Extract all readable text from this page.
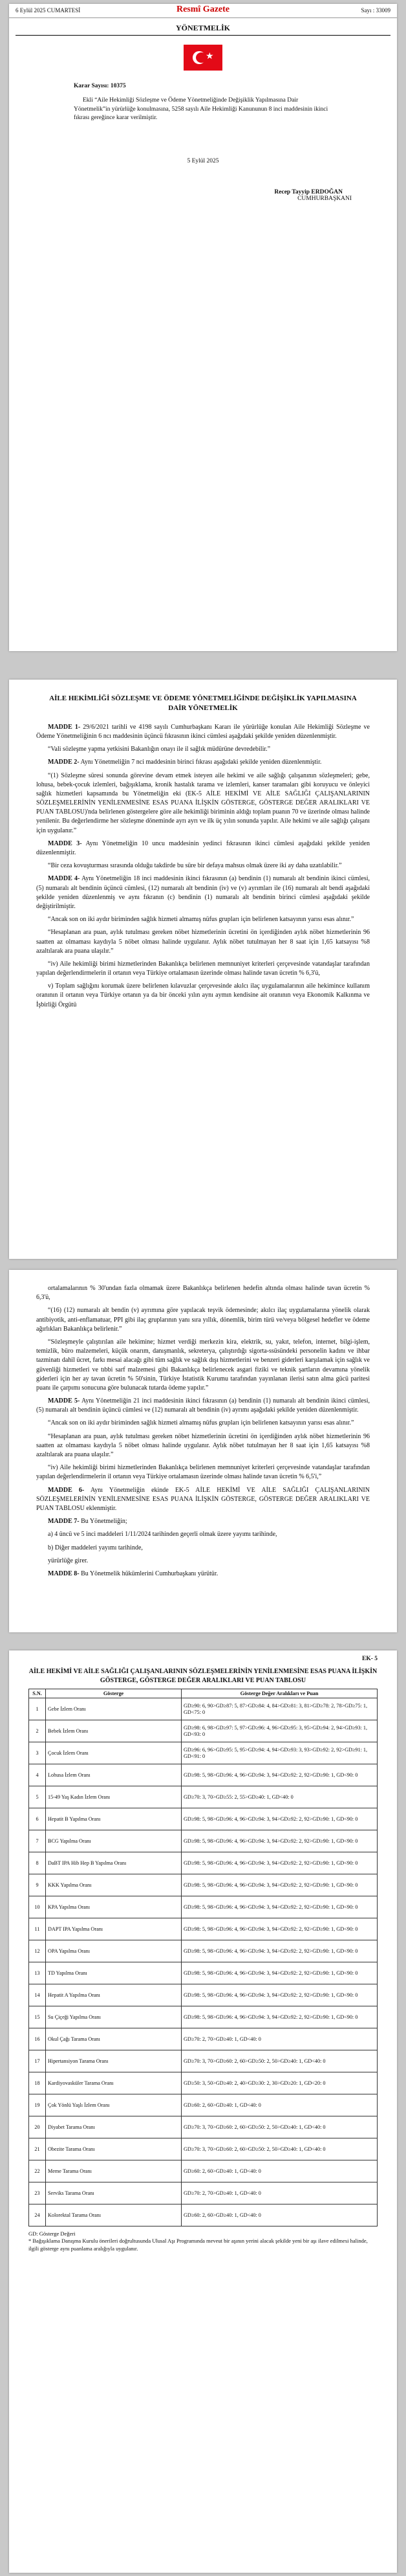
6 Eylül 2025 CUMARTESİ	Resmî Gazete	Sayı : 33009
YÖNETMELİK
★
Karar Sayısı: 10375
Ekli “Aile Hekimliği Sözleşme ve Ödeme Yönetmeliğinde Değişiklik Yapılmasına Dair Yönetmelik”in yürürlüğe konulmasına, 5258 sayılı Aile Hekimliği Kanununun 8 inci maddesinin ikinci fıkrası gereğince karar verilmiştir.
5 Eylül 2025
Recep Tayyip ERDOĞAN
CUMHURBAŞKANI
AİLE HEKİMLİĞİ SÖZLEŞME VE ÖDEME YÖNETMELİĞİNDE DEĞİŞİKLİK YAPILMASINA DAİR YÖNETMELİK

MADDE 1- 29/6/2021 tarihli ve 4198 sayılı Cumhurbaşkanı Kararı ile yürürlüğe konulan Aile Hekimliği Sözleşme ve Ödeme Yönetmeliğinin 6 ncı maddesinin üçüncü fıkrasının ikinci cümlesi aşağıdaki şekilde yeniden düzenlenmiştir.

“Vali sözleşme yapma yetkisini Bakanlığın onayı ile il sağlık müdürüne devredebilir.”

MADDE 2- Aynı Yönetmeliğin 7 nci maddesinin birinci fıkrası aşağıdaki şekilde yeniden düzenlenmiştir.

“(1) Sözleşme süresi sonunda görevine devam etmek isteyen aile hekimi ve aile sağlığı çalışanının sözleşmeleri; gebe, lohusa, bebek-çocuk izlemleri, bağışıklama, kronik hastalık tarama ve izlemleri, kanser taramaları gibi koruyucu ve önleyici sağlık hizmetleri kapsamında bu Yönetmeliğin eki (EK-5 AİLE HEKİMİ VE AİLE SAĞLIĞI ÇALIŞANLARININ SÖZLEŞMELERİNİN YENİLENMESİNE ESAS PUANA İLİŞKİN GÖSTERGE, GÖSTERGE DEĞER ARALIKLARI VE PUAN TABLOSU)'nda belirlenen göstergelere göre aile hekimliği biriminin aldığı toplam puanın 70 ve üzerinde olması halinde yenilenir. Bu değerlendirme her sözleşme döneminde ayrı ayrı ve ilk üç yılın sonunda yapılır. Aile hekimi ve aile sağlığı çalışanı için uygulanır.”

MADDE 3- Aynı Yönetmeliğin 10 uncu maddesinin yedinci fıkrasının ikinci cümlesi aşağıdaki şekilde yeniden düzenlenmiştir.

“Bir ceza kovuşturması sırasında olduğu takdirde bu süre bir defaya mahsus olmak üzere iki ay daha uzatılabilir.”

MADDE 4- Aynı Yönetmeliğin 18 inci maddesinin ikinci fıkrasının (a) bendinin (1) numaralı alt bendinin ikinci cümlesi, (5) numaralı alt bendinin üçüncü cümlesi, (12) numaralı alt bendinin (iv) ve (v) ayrımları ile (16) numaralı alt bendi aşağıdaki şekilde yeniden düzenlenmiş ve aynı fıkranın (c) bendinin (1) numaralı alt bendinin birinci cümlesi aşağıdaki şekilde değiştirilmiştir.

“Ancak son on iki aydır biriminden sağlık hizmeti almamış nüfus grupları için belirlenen katsayının yarısı esas alınır.”

“Hesaplanan ara puan, aylık tutulması gereken nöbet hizmetlerinin ücretini ön içerdiğinden aylık nöbet hizmetlerinin 96 saatten az olmaması kaydıyla 5 nöbet olması halinde uygulanır. Aylık nöbet tutulmayan her 8 saat için 1,65 katsayısı %8 azaltılarak ara puana ulaşılır.”

“iv) Aile hekimliği birimi hizmetlerinden Bakanlıkça belirlenen memnuniyet kriterleri çerçevesinde vatandaşlar tarafından yapılan değerlendirmelerin il ortanın veya Türkiye ortalamasın üzerinde olması halinde tavan ücretin % 6,3'ü,

v) Toplam sağlığını korumak üzere belirlenen kılavuzlar çerçevesinde akılcı ilaç uygulamalarının aile hekimince kullanım oranının il ortanın veya Türkiye ortanın ya da bir önceki yılın aynı aymın kendisine ait oranının veya Ekonomik Kalkınma ve İşbirliği Örgütü

ortalamalarının % 30'undan fazla olmamak üzere Bakanlıkça belirlenen hedefin altında olması halinde tavan ücretin % 6,3'ü,

“(16) (12) numaralı alt bendin (v) ayrımına göre yapılacak teşvik ödemesinde; akılcı ilaç uygulamalarına yönelik olarak antibiyotik, anti-enflamatuar, PPI gibi ilaç gruplarının yanı sıra yıllık, dönemlik, birim türü ve/veya bölgesel hedefler ve ödeme ağırlıkları Bakanlıkça belirlenir.”

“Sözleşmeyle çalıştırılan aile hekimine; hizmet verdiği merkezin kira, elektrik, su, yakıt, telefon, internet, bilgi-işlem, temizlik, büro malzemeleri, küçük onarım, danışmanlık, sekreterya, çalıştırdığı sigorta-ssüsündeki personelin kadını ve ihbar tazminatı dahil ücret, farkı mesai alacağı gibi tüm sağlık ve sağlık dışı hizmetlerini ve benzeri giderleri karşılamak için sağlık ve güvenliği hizmetleri ve tıbbi sarf malzemesi gibi Bakanlıkça belirlenecek asgari fiziki ve teknik şartların devamına yönelik giderleri için her ay tavan ücretin % 50'sinin, Türkiye İstatistik Kurumu tarafından yayınlanan ilerisi satın alma gücü paritesi puanı ile çarpımı sonucuna göre bulunacak tutarda ödeme yapılır.”

MADDE 5- Aynı Yönetmeliğin 21 inci maddesinin ikinci fıkrasının (a) bendinin (1) numaralı alt bendinin ikinci cümlesi, (5) numaralı alt bendinin üçüncü cümlesi ve (12) numaralı alt bendinin (iv) ayrımı aşağıdaki şekilde yeniden düzenlenmiştir.

“Ancak son on iki aydır biriminden sağlık hizmeti almamış nüfus grupları için belirlenen katsayının yarısı esas alınır.”

“Hesaplanan ara puan, aylık tutulması gereken nöbet hizmetlerinin ücretini ön içerdiğinden aylık nöbet hizmetlerinin 96 saatten az olmaması kaydıyla 5 nöbet olması halinde uygulanır. Aylık nöbet tutulmayan her 8 saat için 1,65 katsayısı %8 azaltılarak ara puana ulaşılır.”

“iv) Aile hekimliği birimi hizmetlerinden Bakanlıkça belirlenen memnuniyet kriterleri çerçevesinde vatandaşlar tarafından yapılan değerlendirmelerin il ortanın veya Türkiye ortalamasın üzerinde olması halinde tavan ücretin % 6,5'i,”

MADDE 6- Aynı Yönetmeliğin ekinde EK-5 AİLE HEKİMİ VE AİLE SAĞLIĞI ÇALIŞANLARININ SÖZLEŞMELERİNİN YENİLENMESİNE ESAS PUANA İLİŞKİN GÖSTERGE, GÖSTERGE DEĞER ARALIKLARI VE PUAN TABLOSU eklenmiştir.

MADDE 7- Bu Yönetmeliğin;

a) 4 üncü ve 5 inci maddeleri 1/11/2024 tarihinden geçerli olmak üzere yayımı tarihinde,

b) Diğer maddeleri yayımı tarihinde,

yürürlüğe girer.

MADDE 8- Bu Yönetmelik hükümlerini Cumhurbaşkanı yürütür.

EK- 5
AİLE HEKİMİ VE AİLE SAĞLIĞI ÇALIŞANLARININ SÖZLEŞMELERİNİN YENİLENMESİNE ESAS PUANA İLİŞKİN GÖSTERGE, GÖSTERGE DEĞER ARALIKLARI VE PUAN TABLOSU
S.N.	Gösterge	Gösterge Değer Aralıkları ve Puan
1	Gebe İzlem Oranı	GD≥90: 6, 90>GD≥87: 5, 87>GD≥84: 4, 84>GD≥81: 3, 81>GD≥78: 2, 78>GD≥75: 1, GD<75: 0
2	Bebek İzlem Oranı	GD≥98: 6, 98>GD≥97: 5, 97>GD≥96: 4, 96>GD≥95: 3, 95>GD≥94: 2, 94>GD≥93: 1, GD<93: 0
3	Çocuk İzlem Oranı	GD≥96: 6, 96>GD≥95: 5, 95>GD≥94: 4, 94>GD≥93: 3, 93>GD≥92: 2, 92>GD≥91: 1, GD<91: 0
4	Lohusa İzlem Oranı	GD≥98: 5, 98>GD≥96: 4, 96>GD≥94: 3, 94>GD≥92: 2, 92>GD≥90: 1, GD<90: 0
5	15-49 Yaş Kadın İzlem Oranı	GD≥70: 3, 70>GD≥55: 2, 55>GD≥40: 1, GD<40: 0
6	Hepatit B Yapılma Oranı	GD≥98: 5, 98>GD≥96: 4, 96>GD≥94: 3, 94>GD≥92: 2, 92>GD≥90: 1, GD<90: 0
7	BCG Yapılma Oranı	GD≥98: 5, 98>GD≥96: 4, 96>GD≥94: 3, 94>GD≥92: 2, 92>GD≥90: 1, GD<90: 0
8	DaBT IPA Hib Hep B Yapılma Oranı	GD≥98: 5, 98>GD≥96: 4, 96>GD≥94: 3, 94>GD≥92: 2, 92>GD≥90: 1, GD<90: 0
9	KKK Yapılma Oranı	GD≥98: 5, 98>GD≥96: 4, 96>GD≥94: 3, 94>GD≥92: 2, 92>GD≥90: 1, GD<90: 0
10	KPA Yapılma Oranı	GD≥98: 5, 98>GD≥96: 4, 96>GD≥94: 3, 94>GD≥92: 2, 92>GD≥90: 1, GD<90: 0
11	DAPT IPA Yapılma Oranı	GD≥98: 5, 98>GD≥96: 4, 96>GD≥94: 3, 94>GD≥92: 2, 92>GD≥90: 1, GD<90: 0
12	OPA Yapılma Oranı	GD≥98: 5, 98>GD≥96: 4, 96>GD≥94: 3, 94>GD≥92: 2, 92>GD≥90: 1, GD<90: 0
13	TD Yapılma Oranı	GD≥98: 5, 98>GD≥96: 4, 96>GD≥94: 3, 94>GD≥92: 2, 92>GD≥90: 1, GD<90: 0
14	Hepatit A Yapılma Oranı	GD≥98: 5, 98>GD≥96: 4, 96>GD≥94: 3, 94>GD≥92: 2, 92>GD≥90: 1, GD<90: 0
15	Su Çiçeği Yapılma Oranı	GD≥98: 5, 98>GD≥96: 4, 96>GD≥94: 3, 94>GD≥92: 2, 92>GD≥90: 1, GD<90: 0
16	Okul Çağı Tarama Oranı	GD≥70: 2, 70>GD≥40: 1, GD<40: 0
17	Hipertansiyon Tarama Oranı	GD≥70: 3, 70>GD≥60: 2, 60>GD≥50: 2, 50>GD≥40: 1, GD<40: 0
18	Kardiyovasküler Tarama Oranı	GD≥50: 3, 50>GD≥40: 2, 40>GD≥30: 2, 30>GD≥20: 1, GD<20: 0
19	Çok Yönlü Yaşlı İzlem Oranı	GD≥60: 2, 60>GD≥40: 1, GD<40: 0
20	Diyabet Tarama Oranı	GD≥70: 3, 70>GD≥60: 2, 60>GD≥50: 2, 50>GD≥40: 1, GD<40: 0
21	Obezite Tarama Oranı	GD≥70: 3, 70>GD≥60: 2, 60>GD≥50: 2, 50>GD≥40: 1, GD<40: 0
22	Meme Tarama Oranı	GD≥60: 2, 60>GD≥40: 1, GD<40: 0
23	Serviks Tarama Oranı	GD≥70: 2, 70>GD≥40: 1, GD<40: 0
24	Kolorektal Tarama Oranı	GD≥60: 2, 60>GD≥40: 1, GD<40: 0
GD: Gösterge Değeri
* Bağışıklama Danışma Kurulu önerileri doğrultusunda Ulusal Aşı Programında meveut bir aşının yerini alacak şekilde yeni bir aşı ilave edilmesi halinde, ilgili gösterge aynı puanlama aralığıyla uygulanır.
